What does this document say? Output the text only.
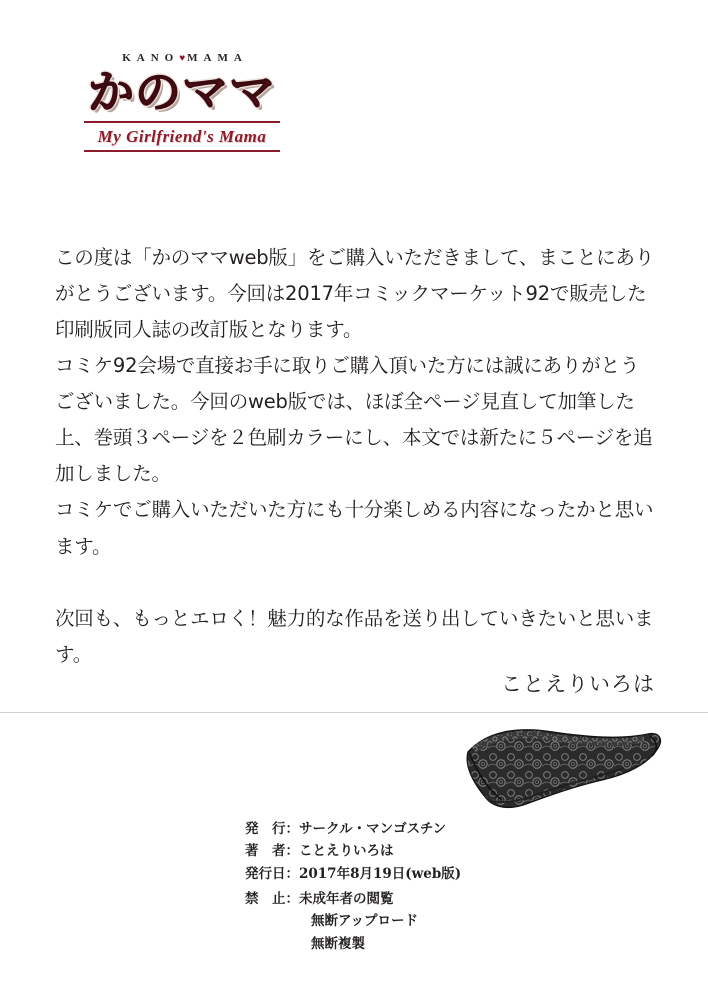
KANO♥MAMA
かのママ
My Girlfriend's Mama

この度は「かのママweb版」をご購入いただきまして、まことにありがとうございます。今回は2017年コミックマーケット92で販売した印刷版同人誌の改訂版となります。

コミケ92会場で直接お手に取りご購入頂いた方には誠にありがとうございました。今回のweb版では、ほぼ全ページ見直して加筆した上、巻頭３ページを２色刷カラーにし、本文では新たに５ページを追加しました。

コミケでご購入いただいた方にも十分楽しめる内容になったかと思います。

次回も、もっとエロく！魅力的な作品を送り出していきたいと思います。

ことえりいろは
発　行：サークル・マンゴスチン
著　者：ことえりいろは
発行日：2017年8月19日(web版)
禁　止：未成年者の閲覧
無断アップロード
無断複製
